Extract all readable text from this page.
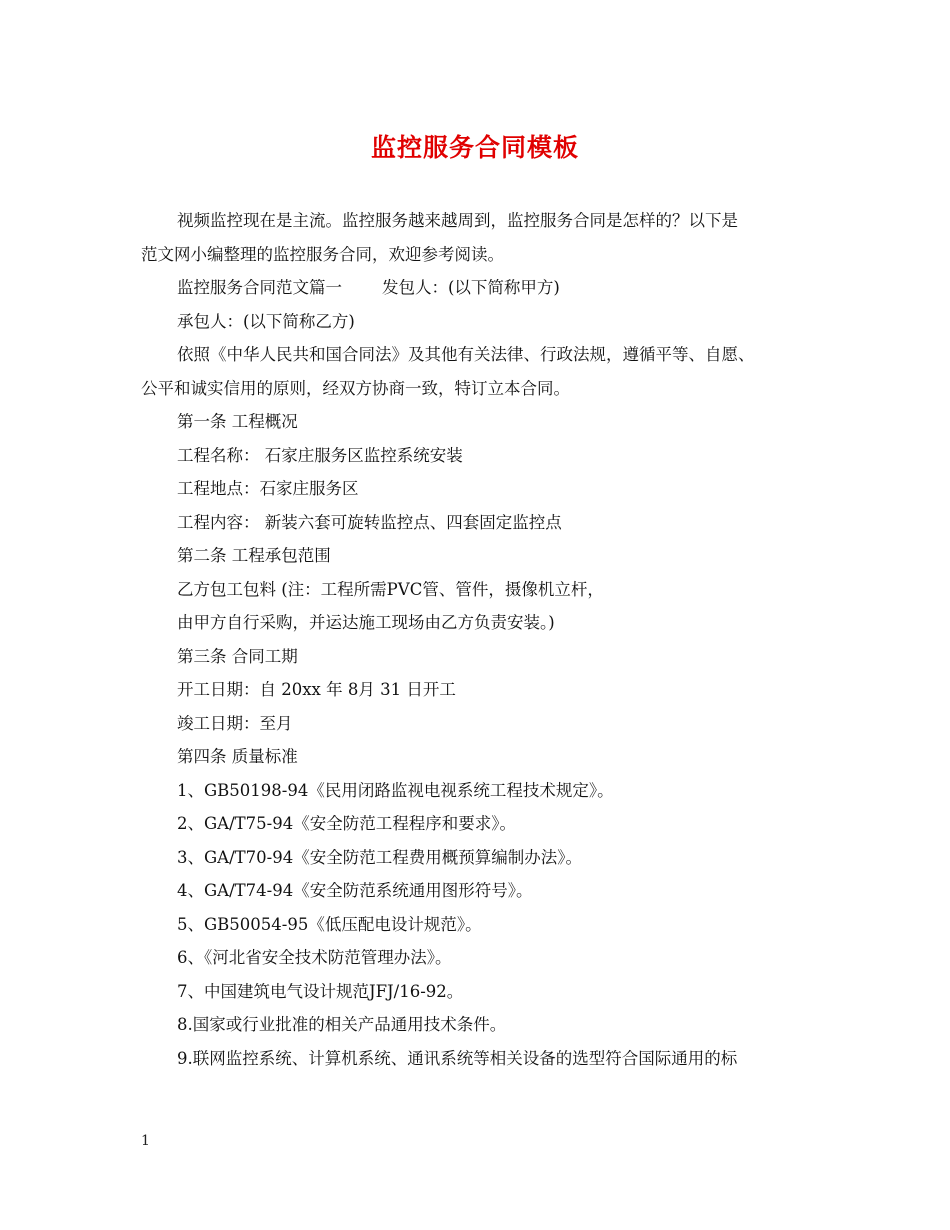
监控服务合同模板
视频监控现在是主流。监控服务越来越周到，监控服务合同是怎样的？以下是
范文网小编整理的监控服务合同，欢迎参考阅读。
监控服务合同范文篇一 发包人：(以下简称甲方)
承包人：(以下简称乙方)
依照《中华人民共和国合同法》及其他有关法律、行政法规，遵循平等、自愿、
公平和诚实信用的原则，经双方协商一致，特订立本合同。
第一条 工程概况
工程名称： 石家庄服务区监控系统安装
工程地点：石家庄服务区
工程内容： 新装六套可旋转监控点、四套固定监控点
第二条 工程承包范围
乙方包工包料 (注：工程所需PVC管、管件，摄像机立杆，
由甲方自行采购，并运达施工现场由乙方负责安装。)
第三条 合同工期
开工日期：自 20xx 年 8月 31 日开工
竣工日期：至月
第四条 质量标准
1、GB50198-94《民用闭路监视电视系统工程技术规定》。
2、GA/T75-94《安全防范工程程序和要求》。
3、GA/T70-94《安全防范工程费用概预算编制办法》。
4、GA/T74-94《安全防范系统通用图形符号》。
5、GB50054-95《低压配电设计规范》。
6、《河北省安全技术防范管理办法》。
7、中国建筑电气设计规范JFJ/16-92。
8.国家或行业批准的相关产品通用技术条件。
9.联网监控系统、计算机系统、通讯系统等相关设备的选型符合国际通用的标
1
